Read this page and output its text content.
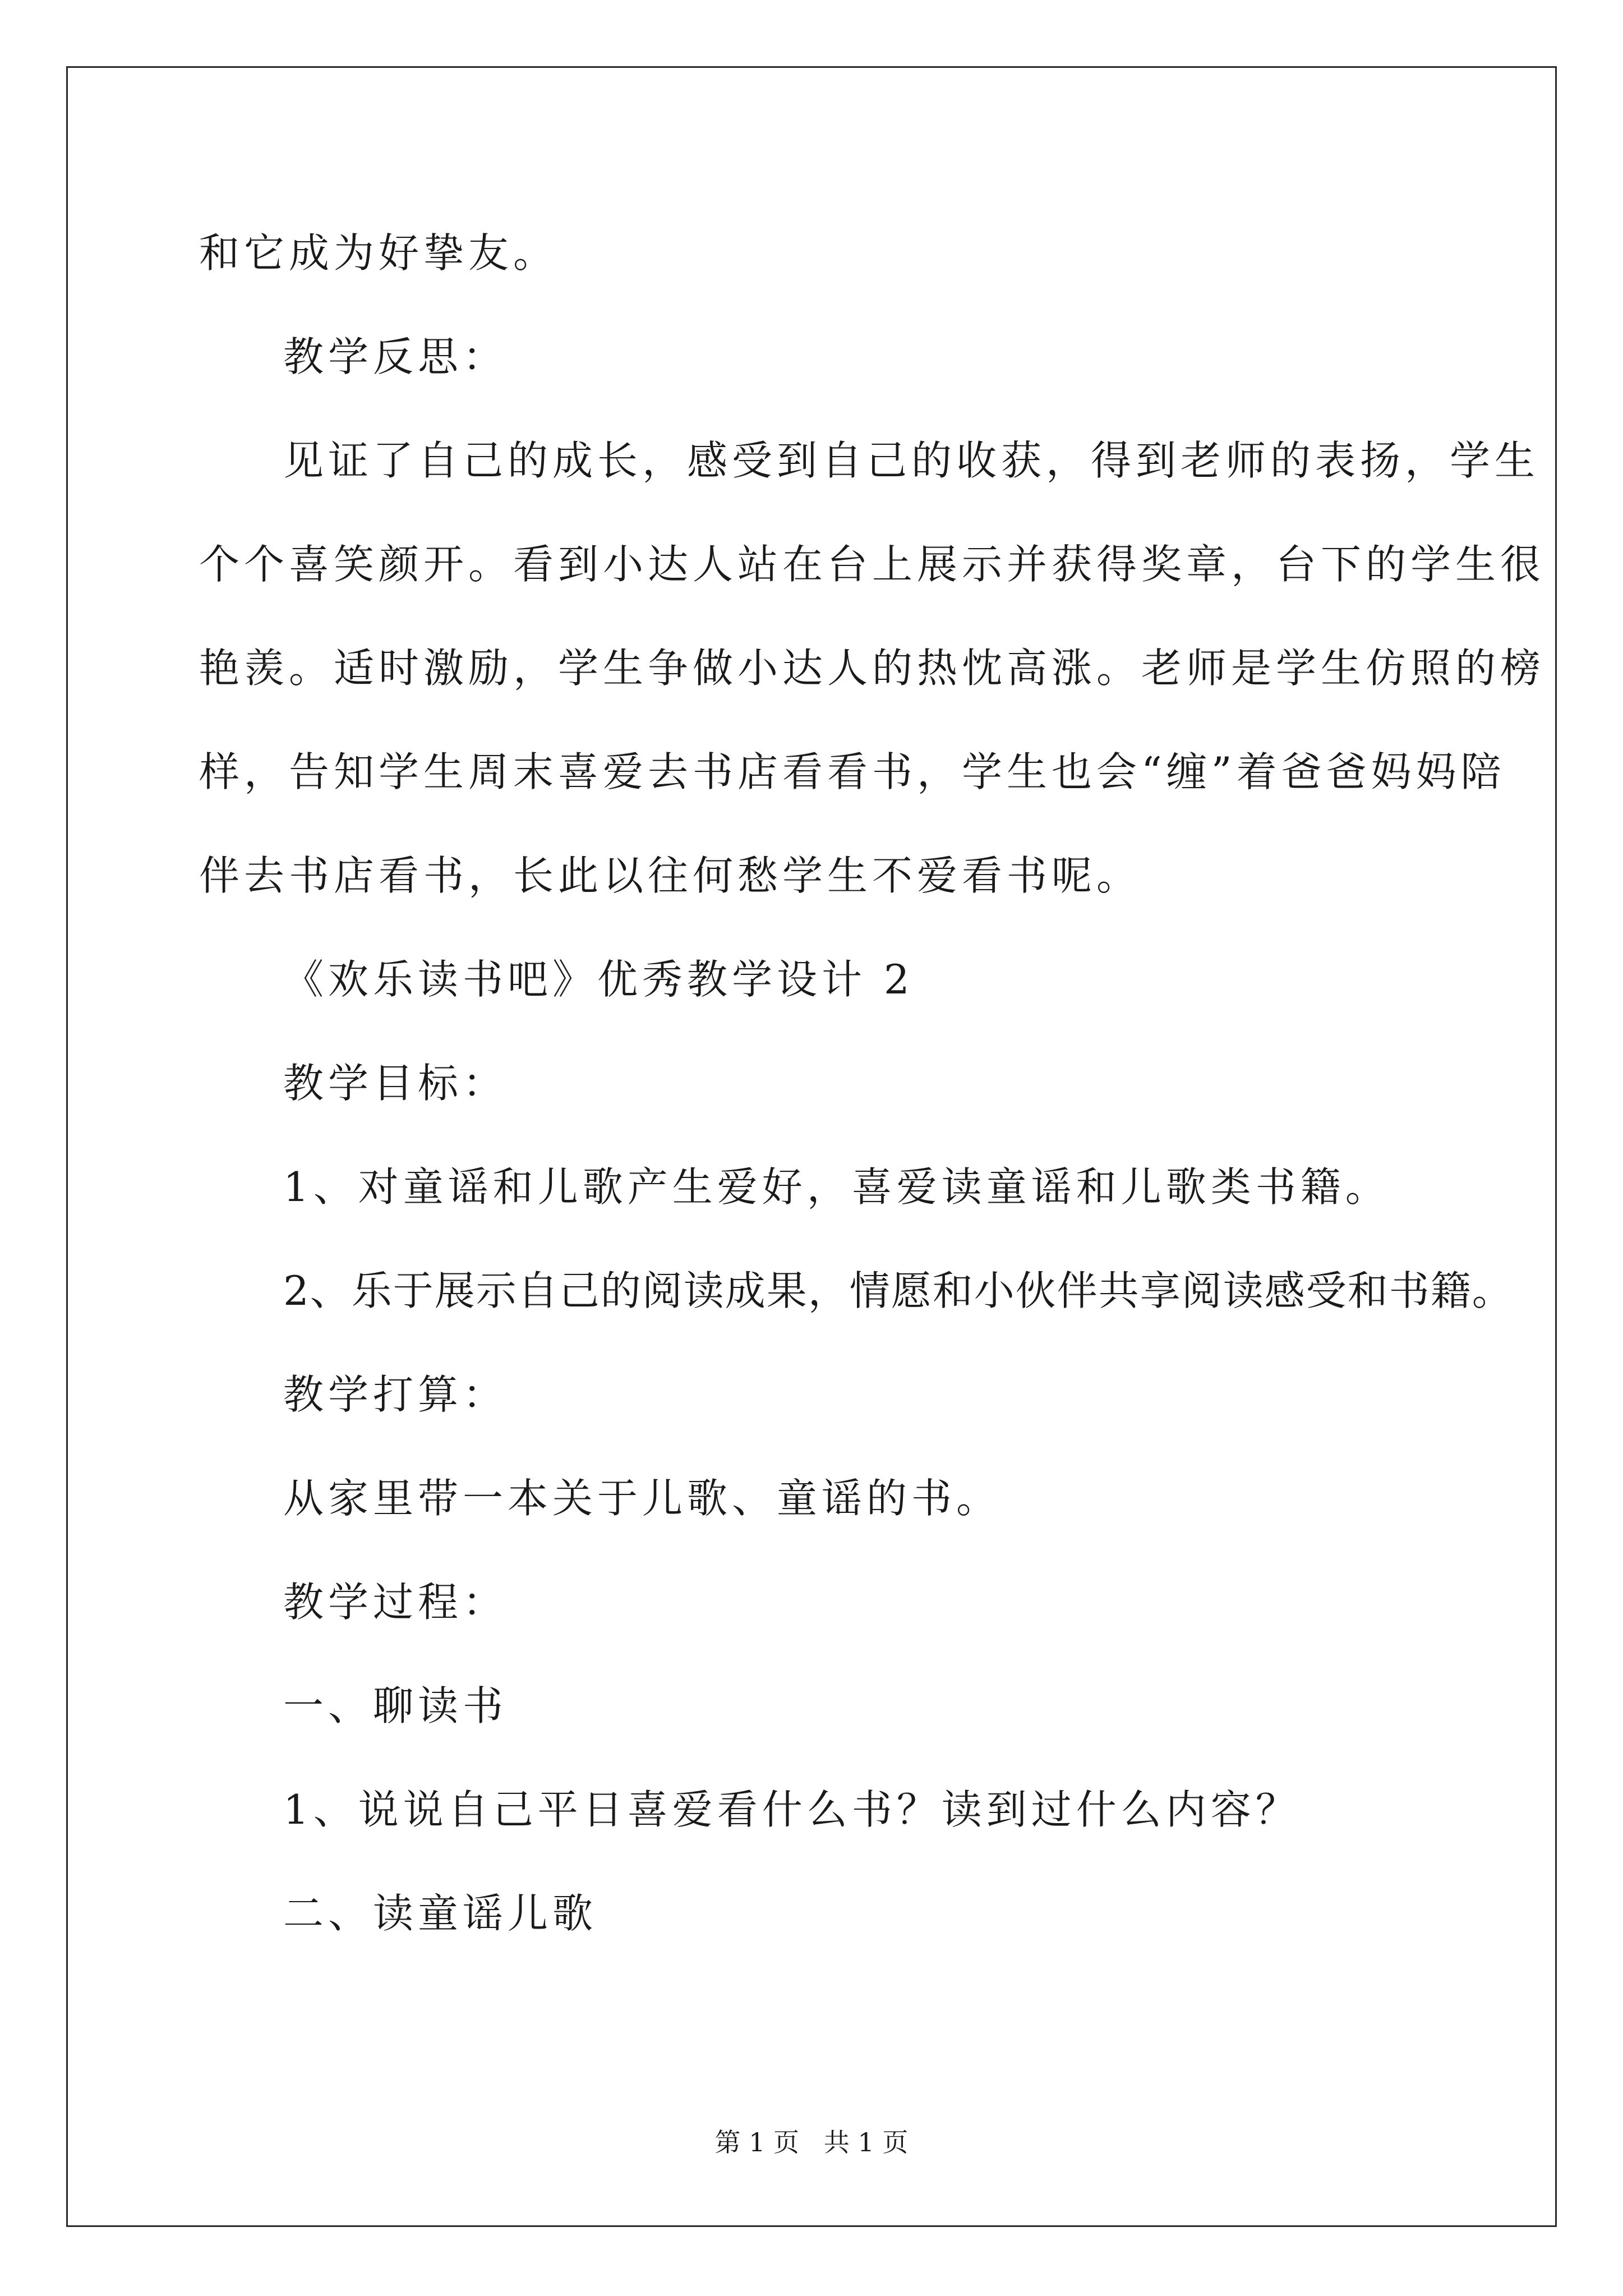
和它成为好挚友。
教学反思：
见证了自己的成长，感受到自己的收获，得到老师的表扬，学生
个个喜笑颜开。看到小达人站在台上展示并获得奖章，台下的学生很
艳羡。适时激励，学生争做小达人的热忱高涨。老师是学生仿照的榜
样，告知学生周末喜爱去书店看看书，学生也会“缠”着爸爸妈妈陪
伴去书店看书，长此以往何愁学生不爱看书呢。
《欢乐读书吧》优秀教学设计 2
教学目标：
1、对童谣和儿歌产生爱好，喜爱读童谣和儿歌类书籍。
2、乐于展示自己的阅读成果，情愿和小伙伴共享阅读感受和书籍。
教学打算：
从家里带一本关于儿歌、童谣的书。
教学过程：
一、聊读书
1、说说自己平日喜爱看什么书？读到过什么内容？
二、读童谣儿歌
第 1 页   共 1 页
